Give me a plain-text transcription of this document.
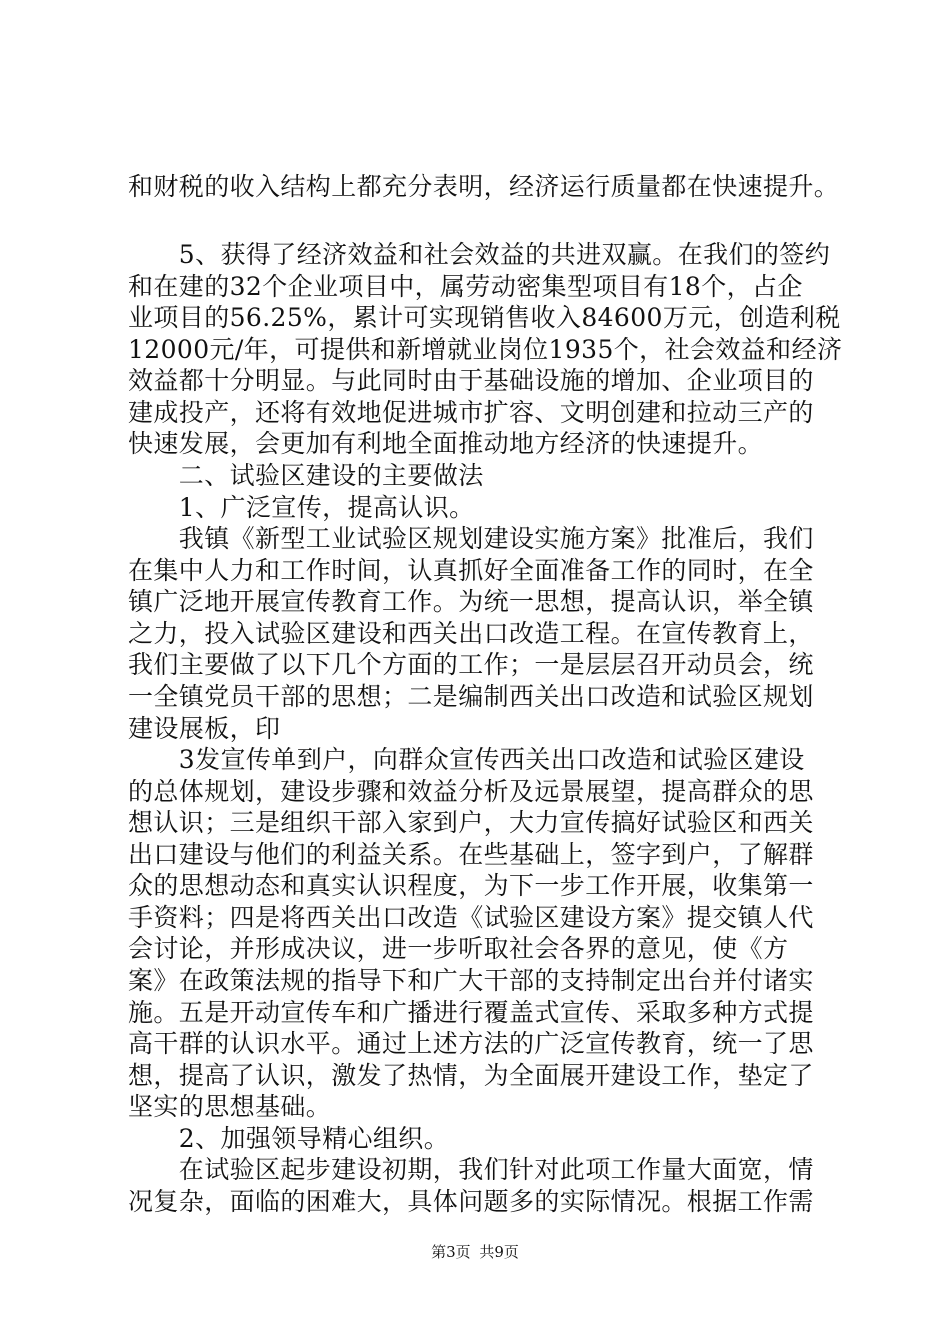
和财税的收入结构上都充分表明，经济运行质量都在快速提升。
　　5、获得了经济效益和社会效益的共进双赢。在我们的签约
和在建的32个企业项目中，属劳动密集型项目有18个，占企
业项目的56.25%，累计可实现销售收入84600万元，创造利税
12000元/年，可提供和新增就业岗位1935个，社会效益和经济
效益都十分明显。与此同时由于基础设施的增加、企业项目的
建成投产，还将有效地促进城市扩容、文明创建和拉动三产的
快速发展，会更加有利地全面推动地方经济的快速提升。
　　二、试验区建设的主要做法
　　1、广泛宣传，提高认识。
　　我镇《新型工业试验区规划建设实施方案》批准后，我们
在集中人力和工作时间，认真抓好全面准备工作的同时，在全
镇广泛地开展宣传教育工作。为统一思想，提高认识，举全镇
之力，投入试验区建设和西关出口改造工程。在宣传教育上，
我们主要做了以下几个方面的工作；一是层层召开动员会，统
一全镇党员干部的思想；二是编制西关出口改造和试验区规划
建设展板，印
　　3发宣传单到户，向群众宣传西关出口改造和试验区建设
的总体规划，建设步骤和效益分析及远景展望，提高群众的思
想认识；三是组织干部入家到户，大力宣传搞好试验区和西关
出口建设与他们的利益关系。在些基础上，签字到户，了解群
众的思想动态和真实认识程度，为下一步工作开展，收集第一
手资料；四是将西关出口改造《试验区建设方案》提交镇人代
会讨论，并形成决议，进一步听取社会各界的意见，使《方
案》在政策法规的指导下和广大干部的支持制定出台并付诸实
施。五是开动宣传车和广播进行覆盖式宣传、采取多种方式提
高干群的认识水平。通过上述方法的广泛宣传教育，统一了思
想，提高了认识，激发了热情，为全面展开建设工作，垫定了
坚实的思想基础。
　　2、加强领导精心组织。
　　在试验区起步建设初期，我们针对此项工作量大面宽，情
况复杂，面临的困难大，具体问题多的实际情况。根据工作需
第3页 共9页
